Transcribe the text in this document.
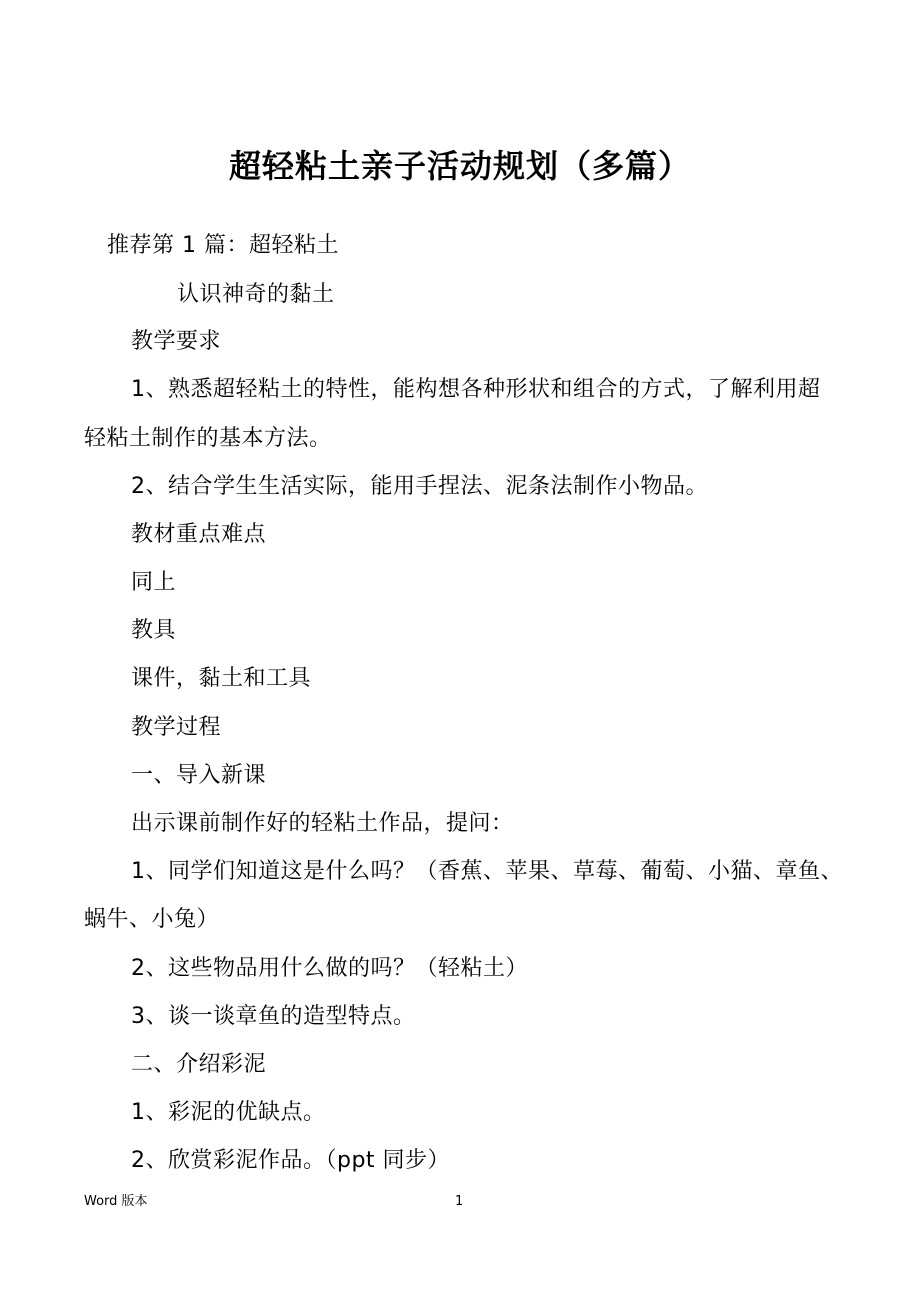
超轻粘土亲子活动规划（多篇）
推荐第 1 篇：超轻粘土
认识神奇的黏土
教学要求
1、熟悉超轻粘土的特性，能构想各种形状和组合的方式，了解利用超
轻粘土制作的基本方法。
2、结合学生生活实际，能用手捏法、泥条法制作小物品。
教材重点难点
同上
教具
课件，黏土和工具
教学过程
一、导入新课
出示课前制作好的轻粘土作品，提问：
1、同学们知道这是什么吗？（香蕉、苹果、草莓、葡萄、小猫、章鱼、
蜗牛、小兔）
2、这些物品用什么做的吗？（轻粘土）
3、谈一谈章鱼的造型特点。
二、介绍彩泥
1、彩泥的优缺点。
2、欣赏彩泥作品。（ppt 同步）
Word 版本	1
